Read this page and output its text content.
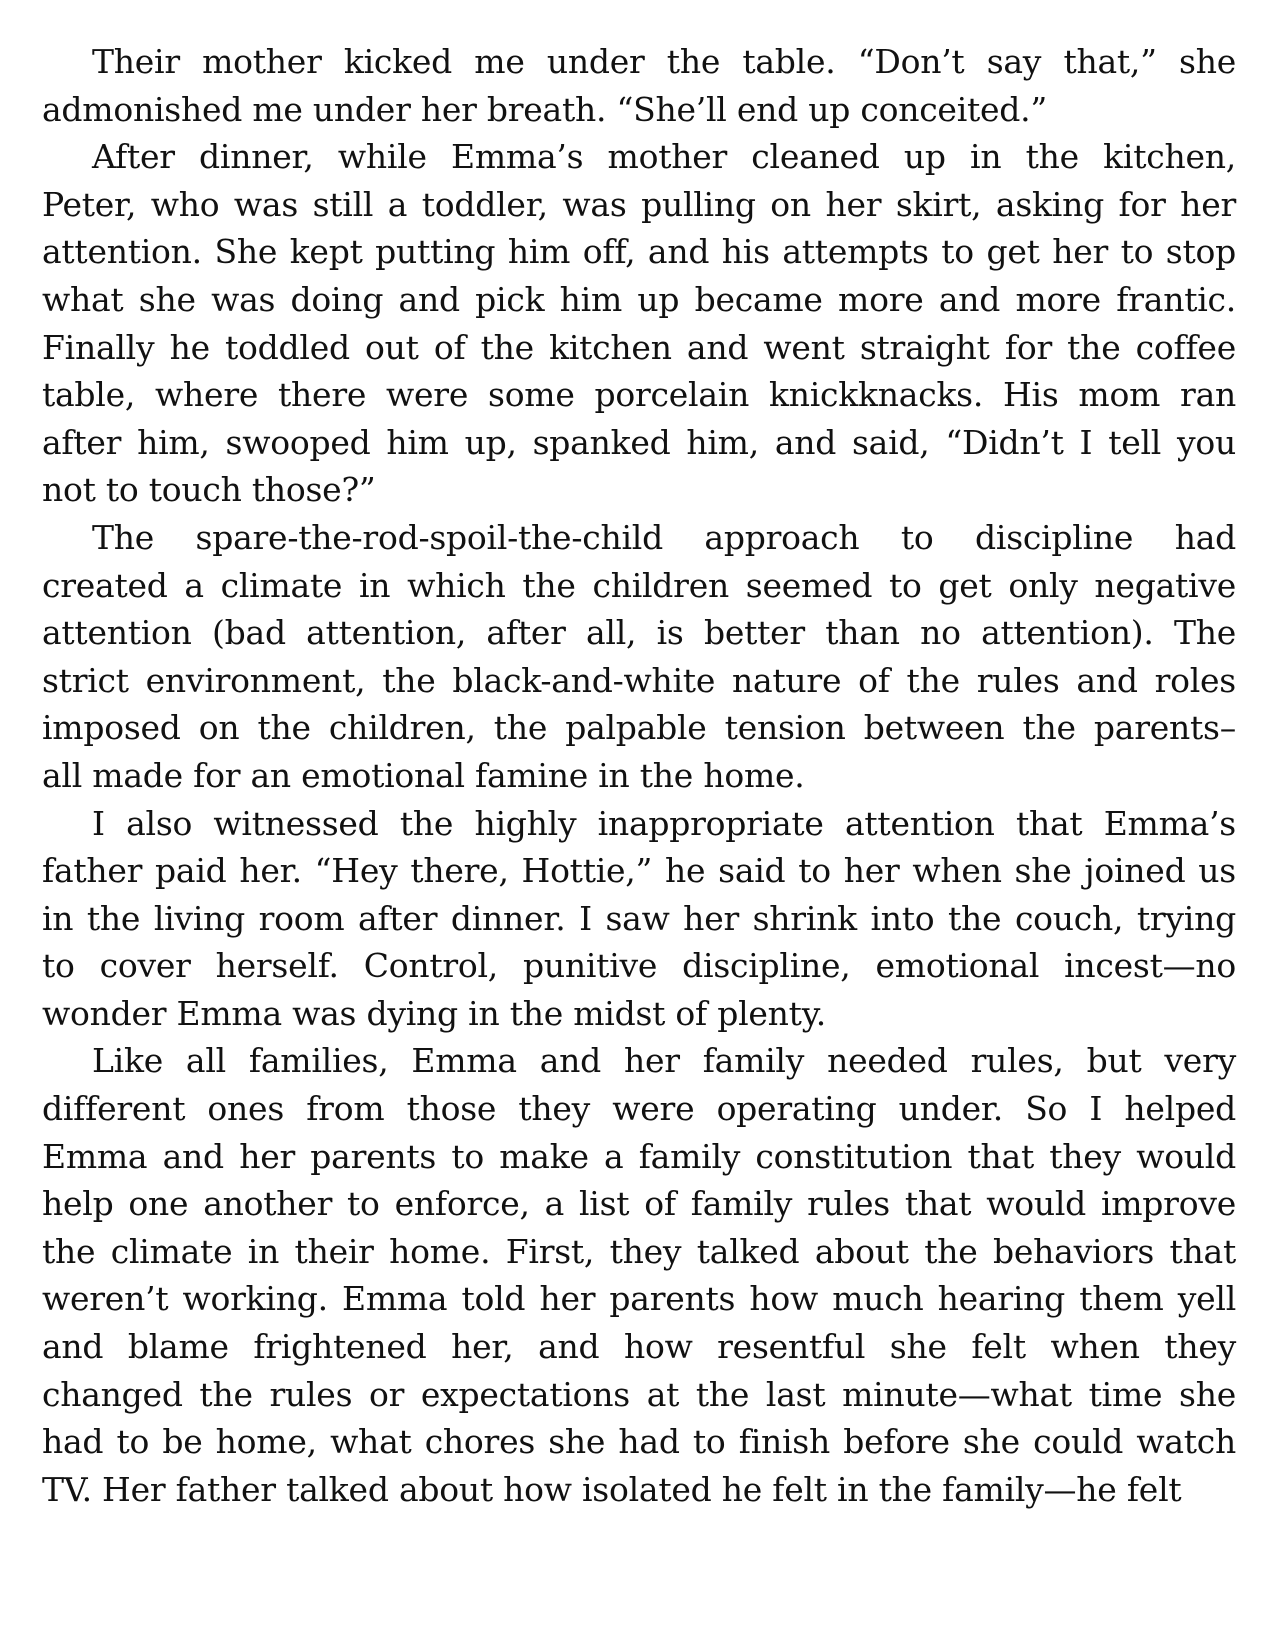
Their mother kicked me under the table. “Don’t say that,” she
admonished me under her breath. “She’ll end up conceited.”
After dinner, while Emma’s mother cleaned up in the kitchen,
Peter, who was still a toddler, was pulling on her skirt, asking for her
attention. She kept putting him off, and his attempts to get her to stop
what she was doing and pick him up became more and more frantic.
Finally he toddled out of the kitchen and went straight for the coffee
table, where there were some porcelain knickknacks. His mom ran
after him, swooped him up, spanked him, and said, “Didn’t I tell you
not to touch those?”
The spare-the-rod-spoil-the-child approach to discipline had
created a climate in which the children seemed to get only negative
attention (bad attention, after all, is better than no attention). The
strict environment, the black-and-white nature of the rules and roles
imposed on the children, the palpable tension between the parents–
all made for an emotional famine in the home.
I also witnessed the highly inappropriate attention that Emma’s
father paid her. “Hey there, Hottie,” he said to her when she joined us
in the living room after dinner. I saw her shrink into the couch, trying
to cover herself. Control, punitive discipline, emotional incest—no
wonder Emma was dying in the midst of plenty.
Like all families, Emma and her family needed rules, but very
different ones from those they were operating under. So I helped
Emma and her parents to make a family constitution that they would
help one another to enforce, a list of family rules that would improve
the climate in their home. First, they talked about the behaviors that
weren’t working. Emma told her parents how much hearing them yell
and blame frightened her, and how resentful she felt when they
changed the rules or expectations at the last minute—what time she
had to be home, what chores she had to finish before she could watch
TV. Her father talked about how isolated he felt in the family—he felt
